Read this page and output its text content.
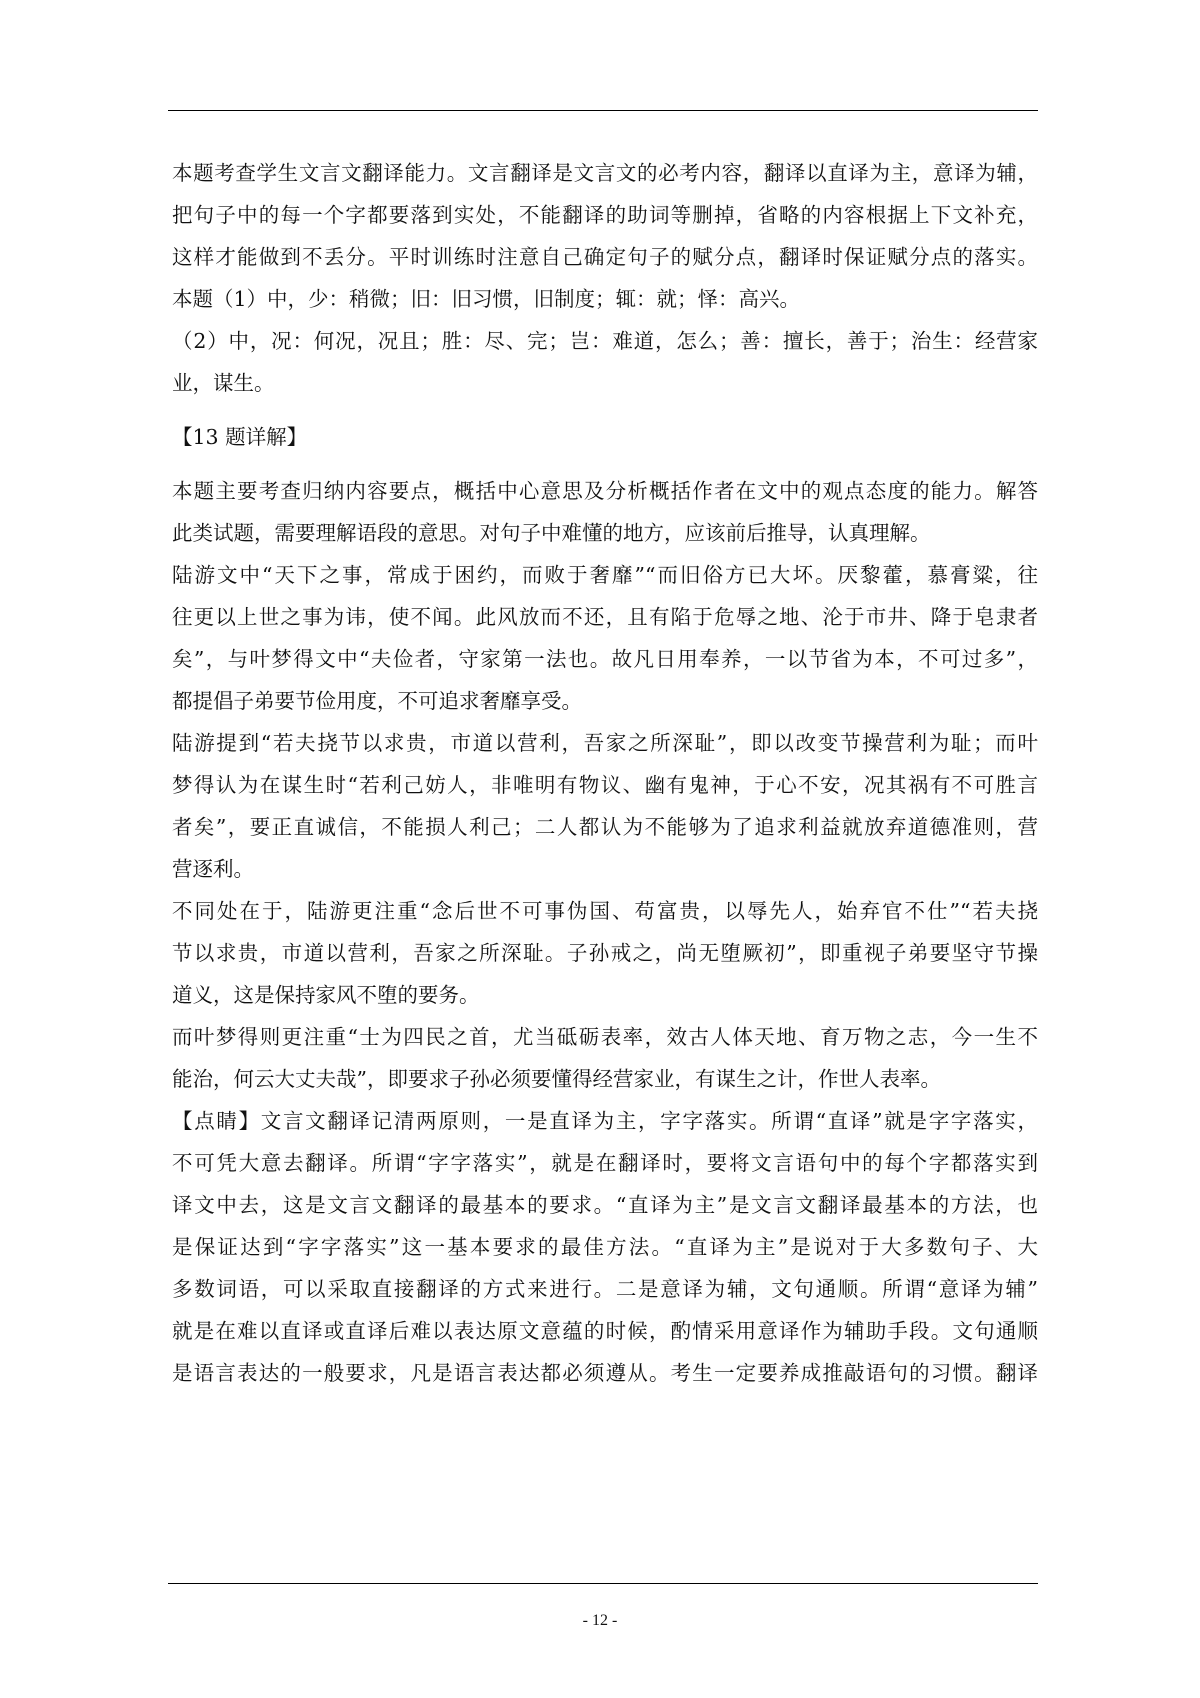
本题考查学生文言文翻译能力。文言翻译是文言文的必考内容，翻译以直译为主，意译为辅，
把句子中的每一个字都要落到实处，不能翻译的助词等删掉，省略的内容根据上下文补充，
这样才能做到不丢分。平时训练时注意自己确定句子的赋分点，翻译时保证赋分点的落实。
本题（1）中，少：稍微；旧：旧习惯，旧制度；辄：就；怿：高兴。
（2）中，况：何况，况且；胜：尽、完；岂：难道，怎么；善：擅长，善于；治生：经营家
业，谋生。
【13 题详解】
本题主要考查归纳内容要点，概括中心意思及分析概括作者在文中的观点态度的能力。解答
此类试题，需要理解语段的意思。对句子中难懂的地方，应该前后推导，认真理解。
陆游文中“天下之事，常成于困约，而败于奢靡”“而旧俗方已大坏。厌黎藿，慕膏粱，往
往更以上世之事为讳，使不闻。此风放而不还，且有陷于危辱之地、沦于市井、降于皂隶者
矣”，与叶梦得文中“夫俭者，守家第一法也。故凡日用奉养，一以节省为本，不可过多”，
都提倡子弟要节俭用度，不可追求奢靡享受。
陆游提到“若夫挠节以求贵，市道以营利，吾家之所深耻”，即以改变节操营利为耻；而叶
梦得认为在谋生时“若利己妨人，非唯明有物议、幽有鬼神，于心不安，况其祸有不可胜言
者矣”，要正直诚信，不能损人利己；二人都认为不能够为了追求利益就放弃道德准则，营
营逐利。
不同处在于，陆游更注重“念后世不可事伪国、苟富贵，以辱先人，始弃官不仕”“若夫挠
节以求贵，市道以营利，吾家之所深耻。子孙戒之，尚无堕厥初”，即重视子弟要坚守节操
道义，这是保持家风不堕的要务。
而叶梦得则更注重“士为四民之首，尤当砥砺表率，效古人体天地、育万物之志，今一生不
能治，何云大丈夫哉”，即要求子孙必须要懂得经营家业，有谋生之计，作世人表率。
【点睛】文言文翻译记清两原则，一是直译为主，字字落实。所谓“直译”就是字字落实，
不可凭大意去翻译。所谓“字字落实”，就是在翻译时，要将文言语句中的每个字都落实到
译文中去，这是文言文翻译的最基本的要求。“直译为主”是文言文翻译最基本的方法，也
是保证达到“字字落实”这一基本要求的最佳方法。“直译为主”是说对于大多数句子、大
多数词语，可以采取直接翻译的方式来进行。二是意译为辅，文句通顺。所谓“意译为辅”
就是在难以直译或直译后难以表达原文意蕴的时候，酌情采用意译作为辅助手段。文句通顺
是语言表达的一般要求，凡是语言表达都必须遵从。考生一定要养成推敲语句的习惯。翻译
- 12 -
